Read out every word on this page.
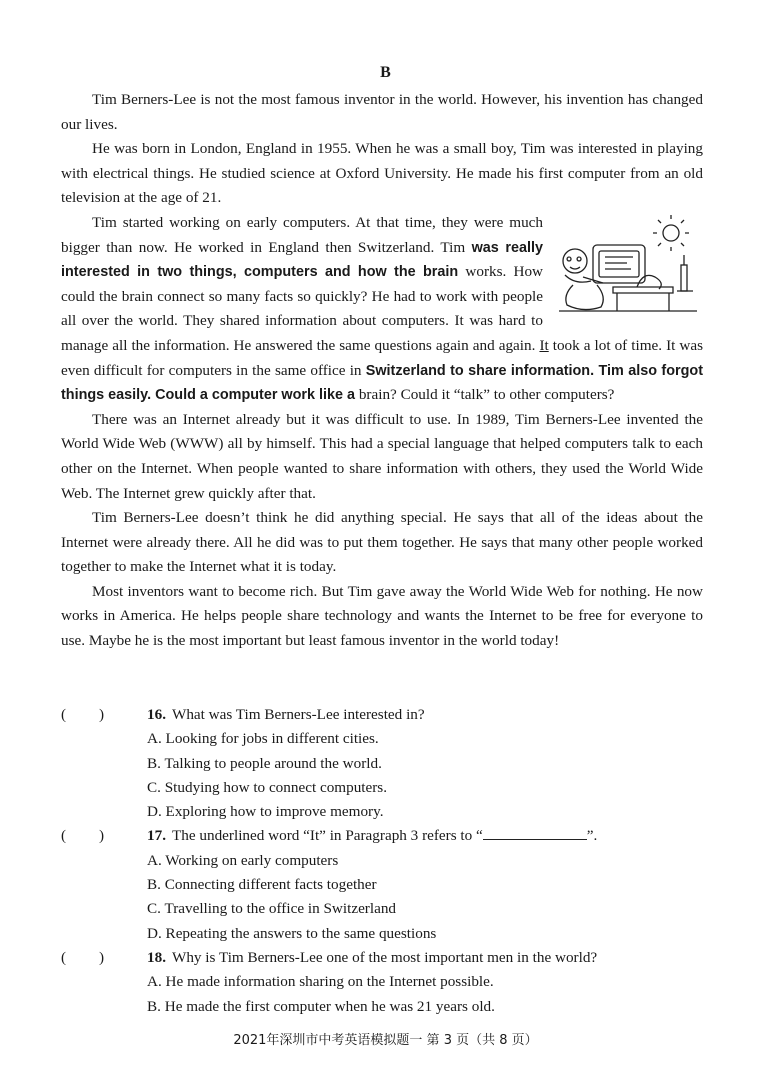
B

Tim Berners-Lee is not the most famous inventor in the world. However, his invention has changed our lives.

He was born in London, England in 1955. When he was a small boy, Tim was interested in playing with electrical things. He studied science at Oxford University. He made his first computer from an old television at the age of 21.

Tim started working on early computers. At that time, they were much bigger than now. He worked in England then Switzerland. Tim was really interested in two things, computers and how the brain works. How could the brain connect so many facts so quickly? He had to work with people all over the world. They shared information about computers. It was hard to manage all the information. He answered the same questions again and again. It took a lot of time. It was even difficult for computers in the same office in Switzerland to share information. Tim also forgot things easily. Could a computer work like a brain? Could it “talk” to other computers?

There was an Internet already but it was difficult to use. In 1989, Tim Berners-Lee invented the World Wide Web (WWW) all by himself. This had a special language that helped computers talk to each other on the Internet. When people wanted to share information with others, they used the World Wide Web. The Internet grew quickly after that.

Tim Berners-Lee doesn’t think he did anything special. He says that all of the ideas about the Internet were already there. All he did was to put them together. He says that many other people worked together to make the Internet what it is today.

Most inventors want to become rich. But Tim gave away the World Wide Web for nothing. He now works in America. He helps people share technology and wants the Internet to be free for everyone to use. Maybe he is the most important but least famous inventor in the world today!

( )	16. What was Tim Berners-Lee interested in?
A. Looking for jobs in different cities.
B. Talking to people around the world.
C. Studying how to connect computers.
D. Exploring how to improve memory.
( )	17. The underlined word “It” in Paragraph 3 refers to “	”.
A. Working on early computers
B. Connecting different facts together
C. Travelling to the office in Switzerland
D. Repeating the answers to the same questions
( )	18. Why is Tim Berners-Lee one of the most important men in the world?
A. He made information sharing on the Internet possible.
B. He made the first computer when he was 21 years old.
2021年深圳市中考英语模拟题一 第 3 页（共 8 页）
